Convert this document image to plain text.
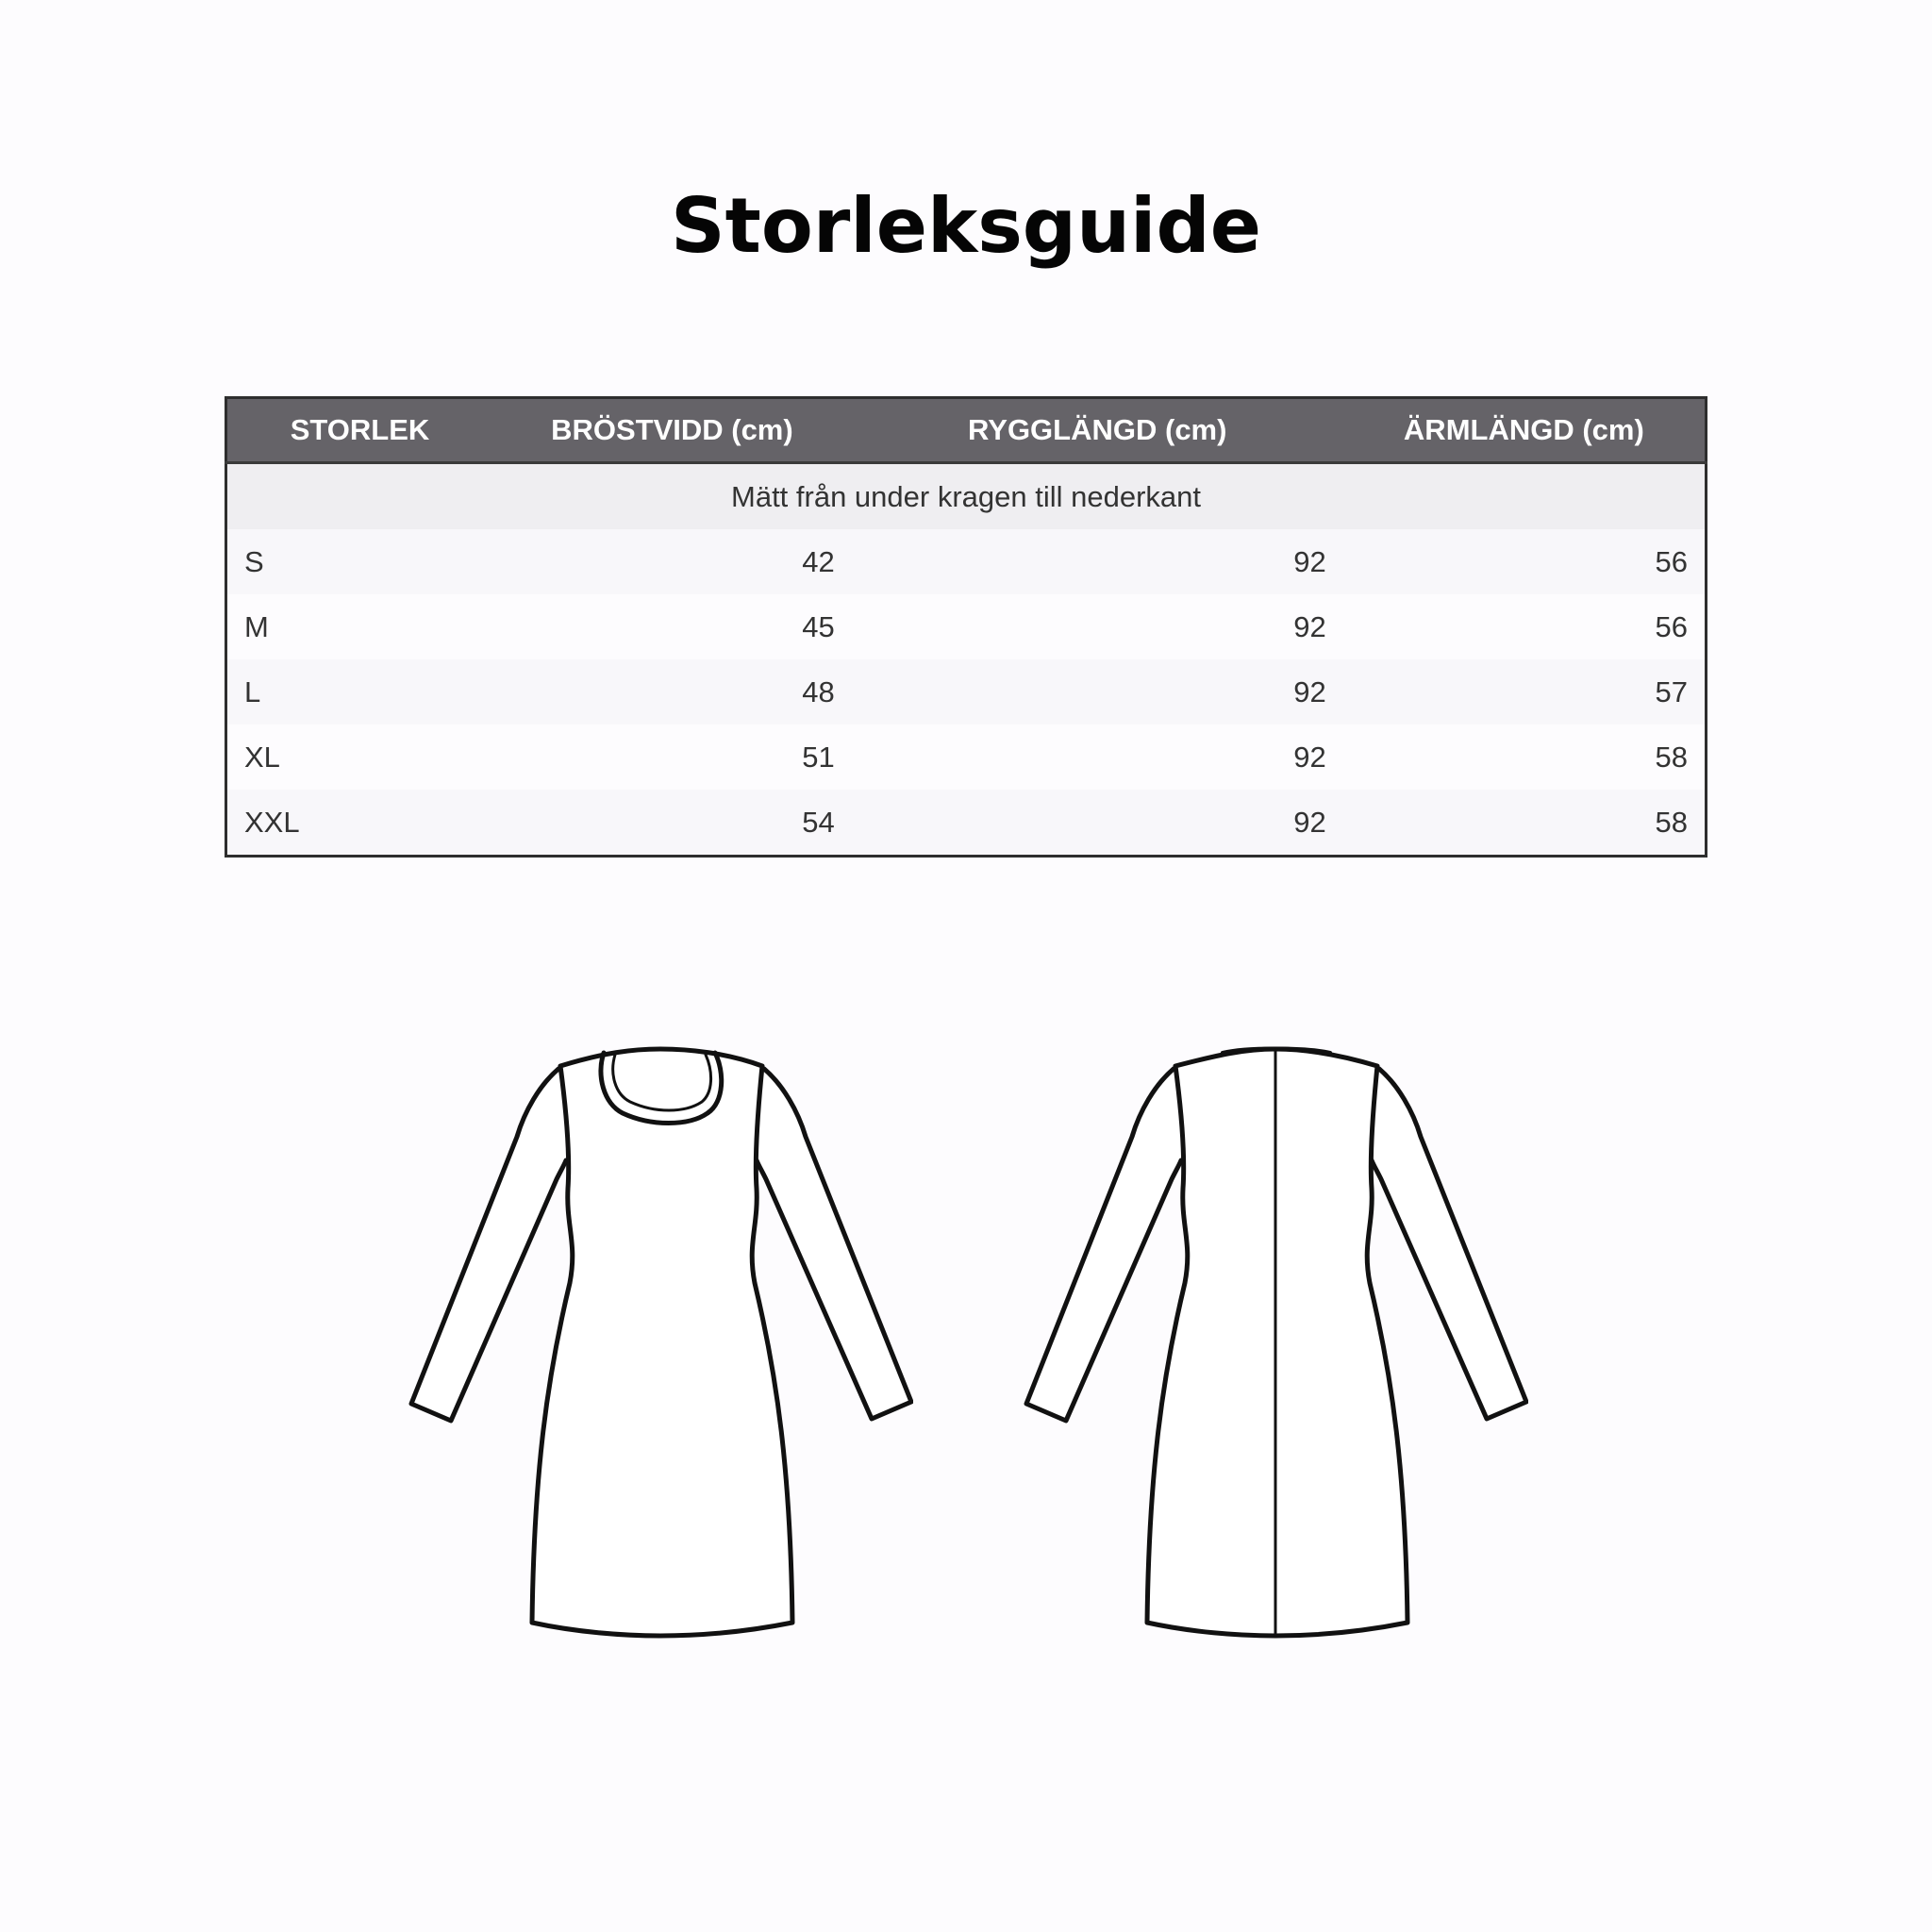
Storleksguide
STORLEK	BRÖSTVIDD (cm)	RYGGLÄNGD (cm)	ÄRMLÄNGD (cm)
Mätt från under kragen till nederkant			
S	42	92	56
M	45	92	56
L	48	92	57
XL	51	92	58
XXL	54	92	58
